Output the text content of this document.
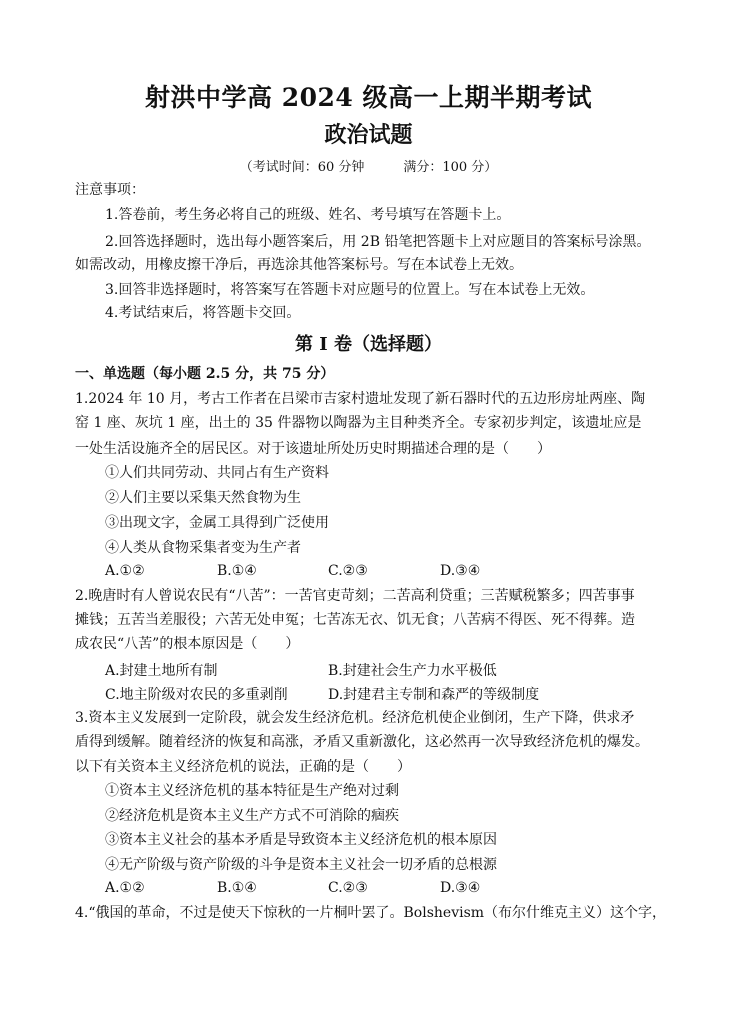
射洪中学高 2024 级高一上期半期考试
政治试题
（考试时间：60 分钟　　　满分：100 分）
注意事项：
1.答卷前，考生务必将自己的班级、姓名、考号填写在答题卡上。
2.回答选择题时，选出每小题答案后，用 2B 铅笔把答题卡上对应题目的答案标号涂黑。
如需改动，用橡皮擦干净后，再选涂其他答案标号。写在本试卷上无效。
3.回答非选择题时，将答案写在答题卡对应题号的位置上。写在本试卷上无效。
4.考试结束后，将答题卡交回。
第 I 卷（选择题）
一、单选题（每小题 2.5 分，共 75 分）
1.2024 年 10 月，考古工作者在吕梁市吉家村遗址发现了新石器时代的五边形房址两座、陶
窑 1 座、灰坑 1 座，出土的 35 件器物以陶器为主目种类齐全。专家初步判定，该遗址应是
一处生活设施齐全的居民区。对于该遗址所处历史时期描述合理的是（　　）
①人们共同劳动、共同占有生产资料
②人们主要以采集天然食物为生
③出现文字，金属工具得到广泛使用
④人类从食物采集者变为生产者
A.①②	B.①④	C.②③	D.③④
2.晚唐时有人曾说农民有“八苦”：一苦官吏苛刻；二苦高利贷重；三苦赋税繁多；四苦事事
摊钱；五苦当差服役；六苦无处申冤；七苦冻无衣、饥无食；八苦病不得医、死不得葬。造
成农民“八苦”的根本原因是（　　）
A.封建土地所有制	B.封建社会生产力水平极低
C.地主阶级对农民的多重剥削	D.封建君主专制和森严的等级制度
3.资本主义发展到一定阶段，就会发生经济危机。经济危机使企业倒闭，生产下降，供求矛
盾得到缓解。随着经济的恢复和高涨，矛盾又重新激化，这必然再一次导致经济危机的爆发。
以下有关资本主义经济危机的说法，正确的是（　　）
①资本主义经济危机的基本特征是生产绝对过剩
②经济危机是资本主义生产方式不可消除的痼疾
③资本主义社会的基本矛盾是导致资本主义经济危机的根本原因
④无产阶级与资产阶级的斗争是资本主义社会一切矛盾的总根源
A.①②	B.①④	C.②③	D.③④
4.“俄国的革命，不过是使天下惊秋的一片桐叶罢了。Bolshevism（布尔什维克主义）这个字，
